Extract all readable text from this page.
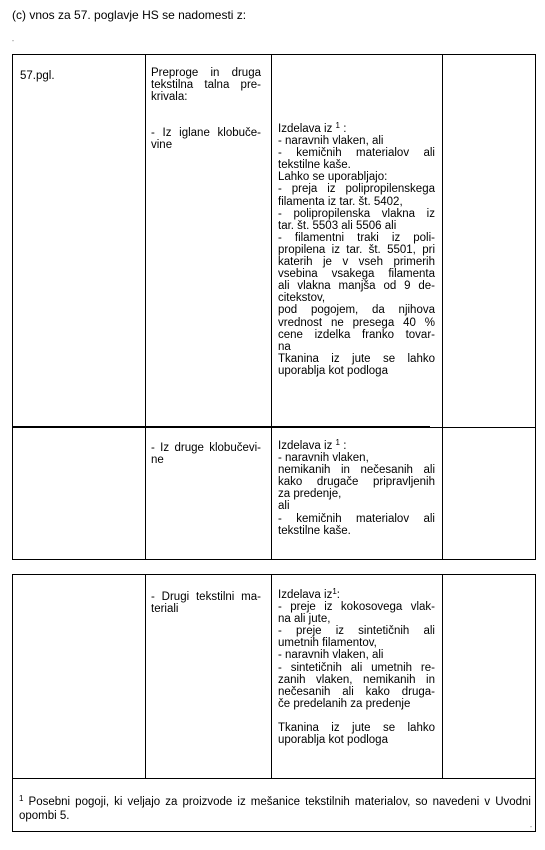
(c) vnos za 57. poglavje HS se nadomesti z:
"
"
57.pgl.	Preproge in druga
tekstilna talna pre-
krivala:
- Iz iglane klobuče-
vine
Izdelava iz $^1$ :
- naravnih vlaken, ali
- kemičnih materialov ali
tekstilne kaše.
Lahko se uporabljajo:
- preja iz polipropilenskega
filamenta iz tar. št. 5402,
- polipropilenska vlakna iz
tar. št. 5503 ali 5506 ali
- filamentni traki iz poli-
propilena iz tar. št. 5501, pri
katerih je v vseh primerih
vsebina vsakega filamenta
ali vlakna manjša od 9 de-
citekstov,
pod pogojem, da njihova
vrednost ne presega 40 %
cene izdelka franko tovar-
na
Tkanina iz jute se lahko
uporablja kot podloga
- Iz druge klobučevi-
ne
Izdelava iz $^1$ :
- naravnih vlaken,
nemikanih in nečesanih ali
kako drugače pripravljenih
za predenje,
ali
- kemičnih materialov ali
tekstilne kaše.
- Drugi tekstilni ma-
teriali
Izdelava $iz^1$:
- preje iz kokosovega vlak-
na ali jute,
- preje iz sintetičnih ali
umetnih filamentov,
- naravnih vlaken, ali
- sintetičnih ali umetnih re-
zanih vlaken, nemikanih in
nečesanih ali kako druga-
če predelanih za predenje
Tkanina iz jute se lahko
uporablja kot podloga
$^1$ Posebni pogoji, ki veljajo za proizvode iz mešanice tekstilnih materialov, so navedeni v Uvodni opombi 5.
